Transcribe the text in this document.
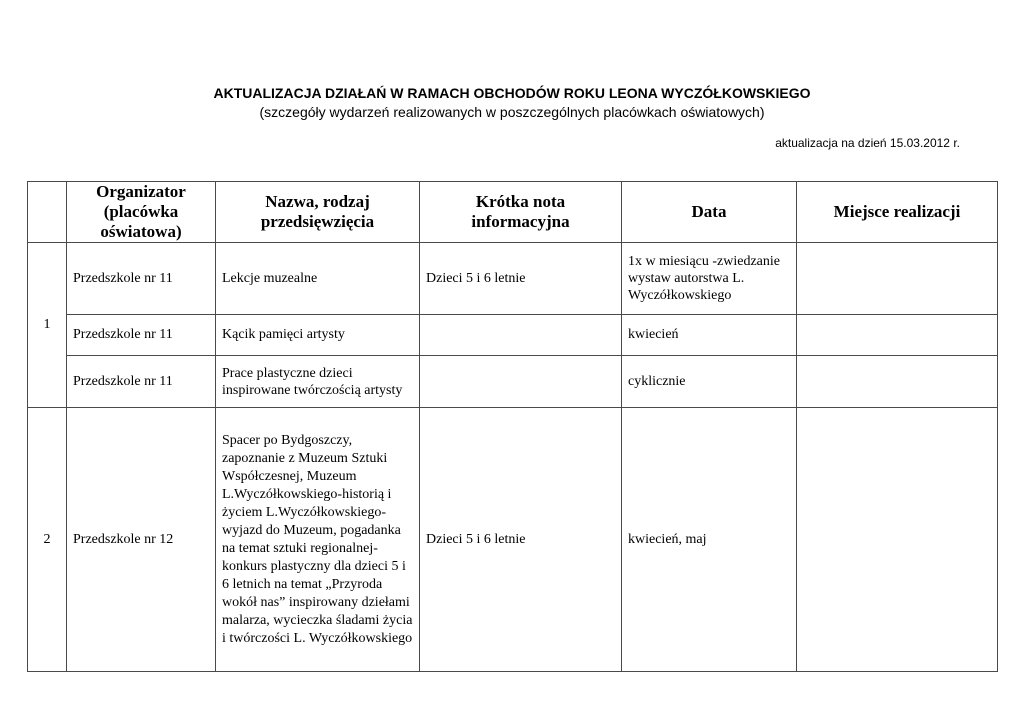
AKTUALIZACJA DZIAŁAŃ W RAMACH OBCHODÓW ROKU LEONA WYCZÓŁKOWSKIEGO
(szczegóły wydarzeń realizowanych w poszczególnych placówkach oświatowych)
aktualizacja na dzień 15.03.2012 r.
	Organizator (placówka oświatowa)	Nazwa, rodzaj przedsięwzięcia	Krótka nota informacyjna	Data	Miejsce realizacji
1	Przedszkole nr 11	Lekcje muzealne	Dzieci 5 i 6 letnie	1x w miesiącu -zwiedzanie wystaw autorstwa L. Wyczółkowskiego	
	Przedszkole nr 11	Kącik pamięci artysty		kwiecień	
	Przedszkole nr 11	Prace plastyczne dzieci inspirowane twórczością artysty		cyklicznie	
2	Przedszkole nr 12	Spacer po Bydgoszczy, zapoznanie z Muzeum Sztuki Współczesnej, Muzeum L.Wyczółkowskiego-historią i życiem L.Wyczółkowskiego- wyjazd do Muzeum, pogadanka na temat sztuki regionalnej- konkurs plastyczny dla dzieci 5 i 6 letnich na temat „Przyroda wokół nas” inspirowany dziełami malarza, wycieczka śladami życia i twórczości L. Wyczółkowskiego	Dzieci 5 i 6 letnie	kwiecień, maj	
